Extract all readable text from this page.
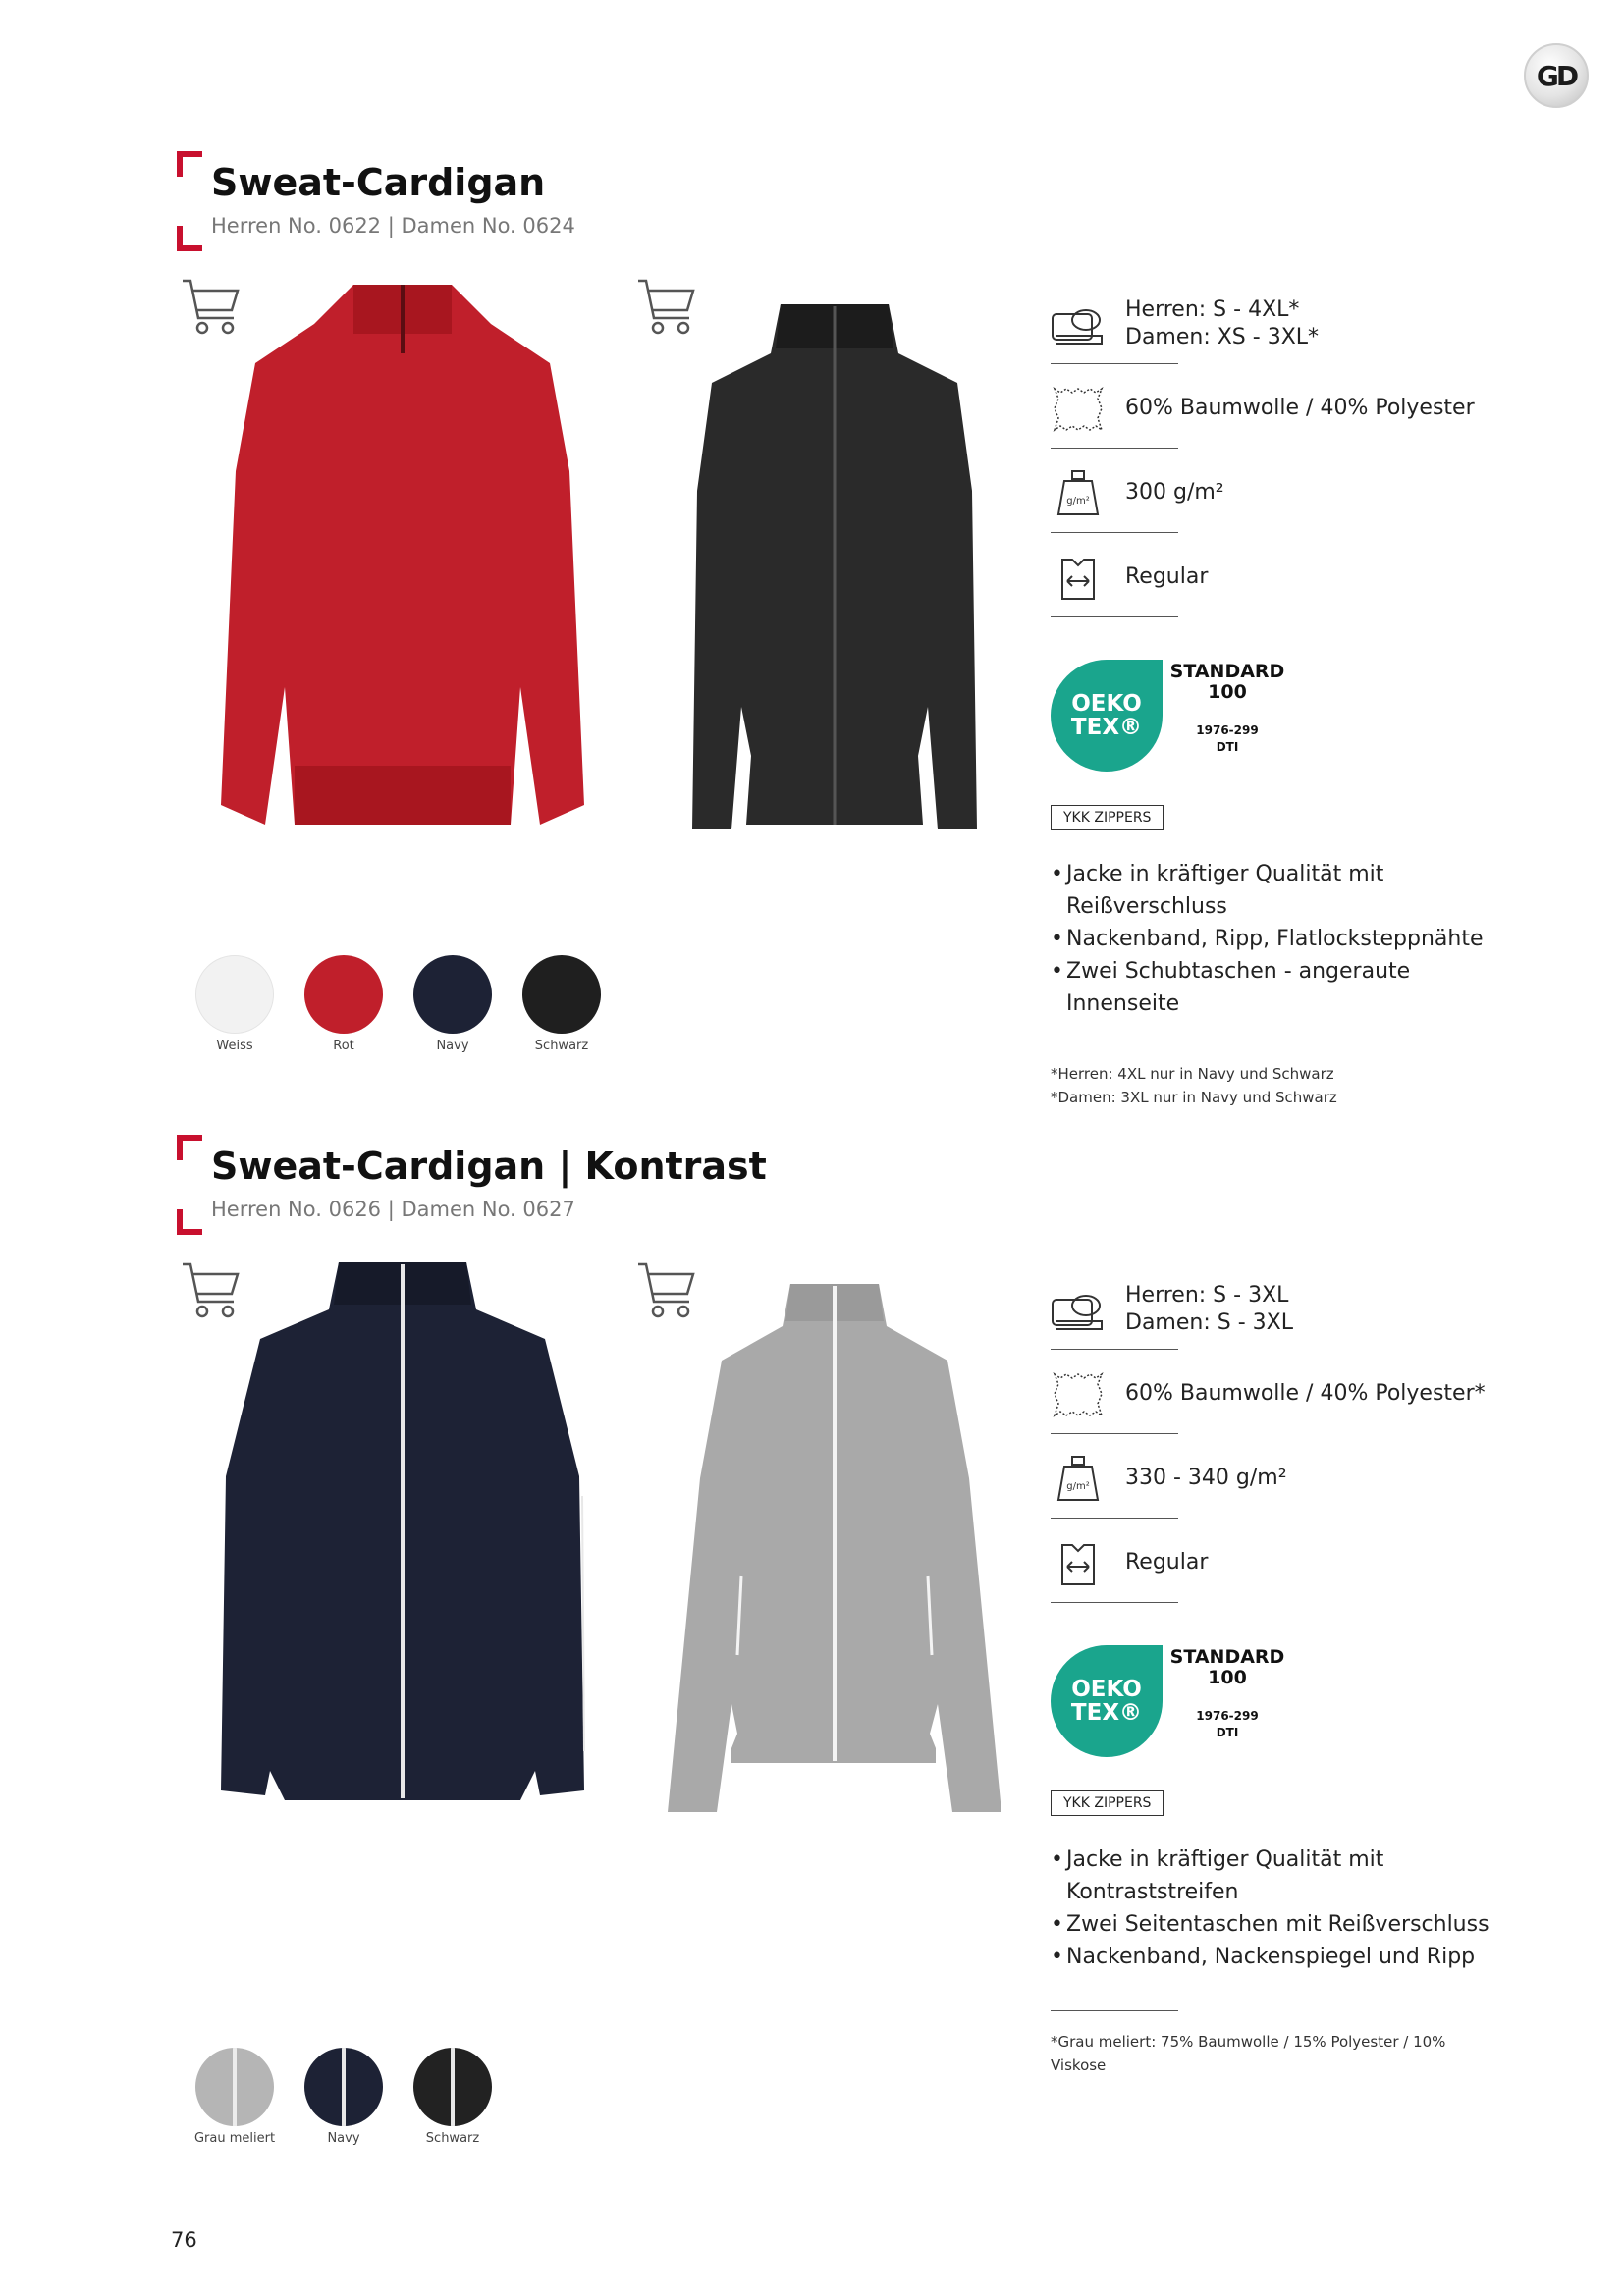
GD
Sweat-Cardigan
Herren No. 0622 | Damen No. 0624
Herren: S - 4XL*
Damen: XS - 3XL*
60% Baumwolle / 40% Polyester
g/m² 300 g/m²
Regular
OEKO
TEX®
STANDARD
100
1976-299
DTI
YKK ZIPPERS
• Jacke in kräftiger Qualität mit
Reißverschluss
• Nackenband, Ripp, Flatlocksteppnähte
• Zwei Schubtaschen - angeraute
Innenseite
*Herren: 4XL nur in Navy und Schwarz
*Damen: 3XL nur in Navy und Schwarz
Weiss	Rot	Navy	Schwarz
Sweat-Cardigan | Kontrast
Herren No. 0626 | Damen No. 0627
Herren: S - 3XL
Damen: S - 3XL
60% Baumwolle / 40% Polyester*
g/m² 330 - 340 g/m²
Regular
OEKO
TEX®
STANDARD
100
1976-299
DTI
YKK ZIPPERS
• Jacke in kräftiger Qualität mit
Kontraststreifen
• Zwei Seitentaschen mit Reißverschluss
• Nackenband, Nackenspiegel und Ripp
*Grau meliert: 75% Baumwolle / 15% Polyester / 10%
Viskose
Grau meliert	Navy	Schwarz
76
